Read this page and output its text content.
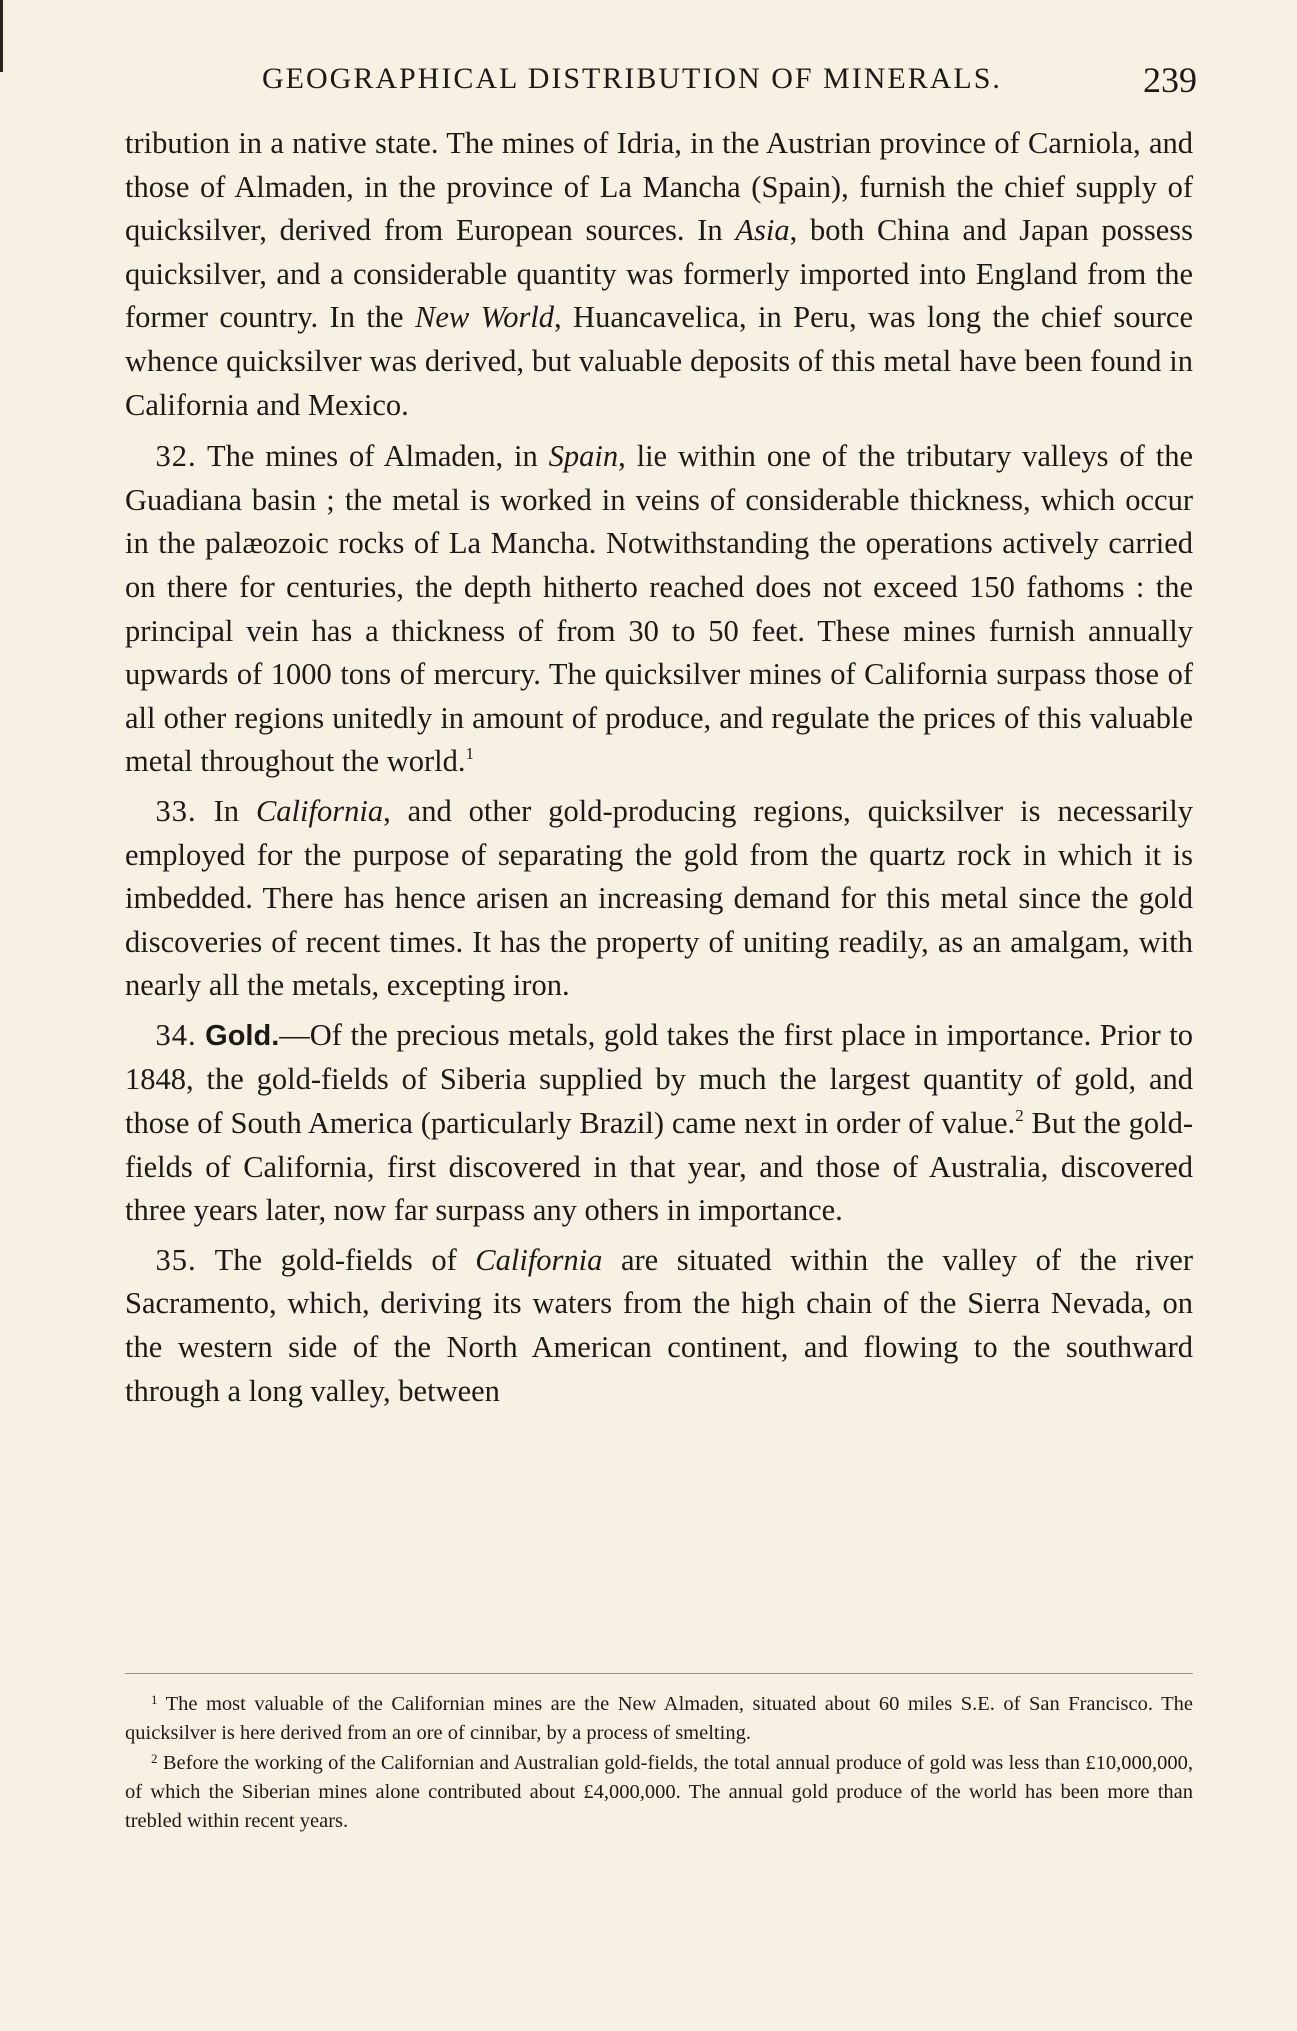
GEOGRAPHICAL DISTRIBUTION OF MINERALS.	239

tribution in a native state. The mines of Idria, in the Austrian province of Carniola, and those of Almaden, in the province of La Mancha (Spain), furnish the chief supply of quicksilver, derived from European sources. In Asia, both China and Japan possess quicksilver, and a considerable quantity was formerly imported into England from the former country. In the New World, Huancavelica, in Peru, was long the chief source whence quicksilver was derived, but valuable deposits of this metal have been found in California and Mexico.

 32. The mines of Almaden, in Spain, lie within one of the tributary valleys of the Guadiana basin ; the metal is worked in veins of considerable thickness, which occur in the palæozoic rocks of La Mancha. Notwithstanding the operations actively carried on there for centuries, the depth hitherto reached does not exceed 150 fathoms : the principal vein has a thickness of from 30 to 50 feet. These mines furnish annually upwards of 1000 tons of mercury. The quicksilver mines of California surpass those of all other regions unitedly in amount of produce, and regulate the prices of this valuable metal throughout the world.$^1$

 33. In California, and other gold-producing regions, quicksilver is necessarily employed for the purpose of separating the gold from the quartz rock in which it is imbedded. There has hence arisen an increasing demand for this metal since the gold discoveries of recent times. It has the property of uniting readily, as an amalgam, with nearly all the metals, excepting iron.

 34. Gold.—Of the precious metals, gold takes the first place in importance. Prior to 1848, the gold-fields of Siberia supplied by much the largest quantity of gold, and those of South America (particularly Brazil) came next in order of value.$^2$ But the gold-fields of California, first discovered in that year, and those of Australia, discovered three years later, now far surpass any others in importance.

 35. The gold-fields of California are situated within the valley of the river Sacramento, which, deriving its waters from the high chain of the Sierra Nevada, on the western side of the North American continent, and flowing to the southward through a long valley, between

$^1$ The most valuable of the Californian mines are the New Almaden, situated about 60 miles S.E. of San Francisco. The quicksilver is here derived from an ore of cinnibar, by a process of smelting.

$^2$ Before the working of the Californian and Australian gold-fields, the total annual produce of gold was less than £10,000,000, of which the Siberian mines alone contributed about £4,000,000. The annual gold produce of the world has been more than trebled within recent years.
